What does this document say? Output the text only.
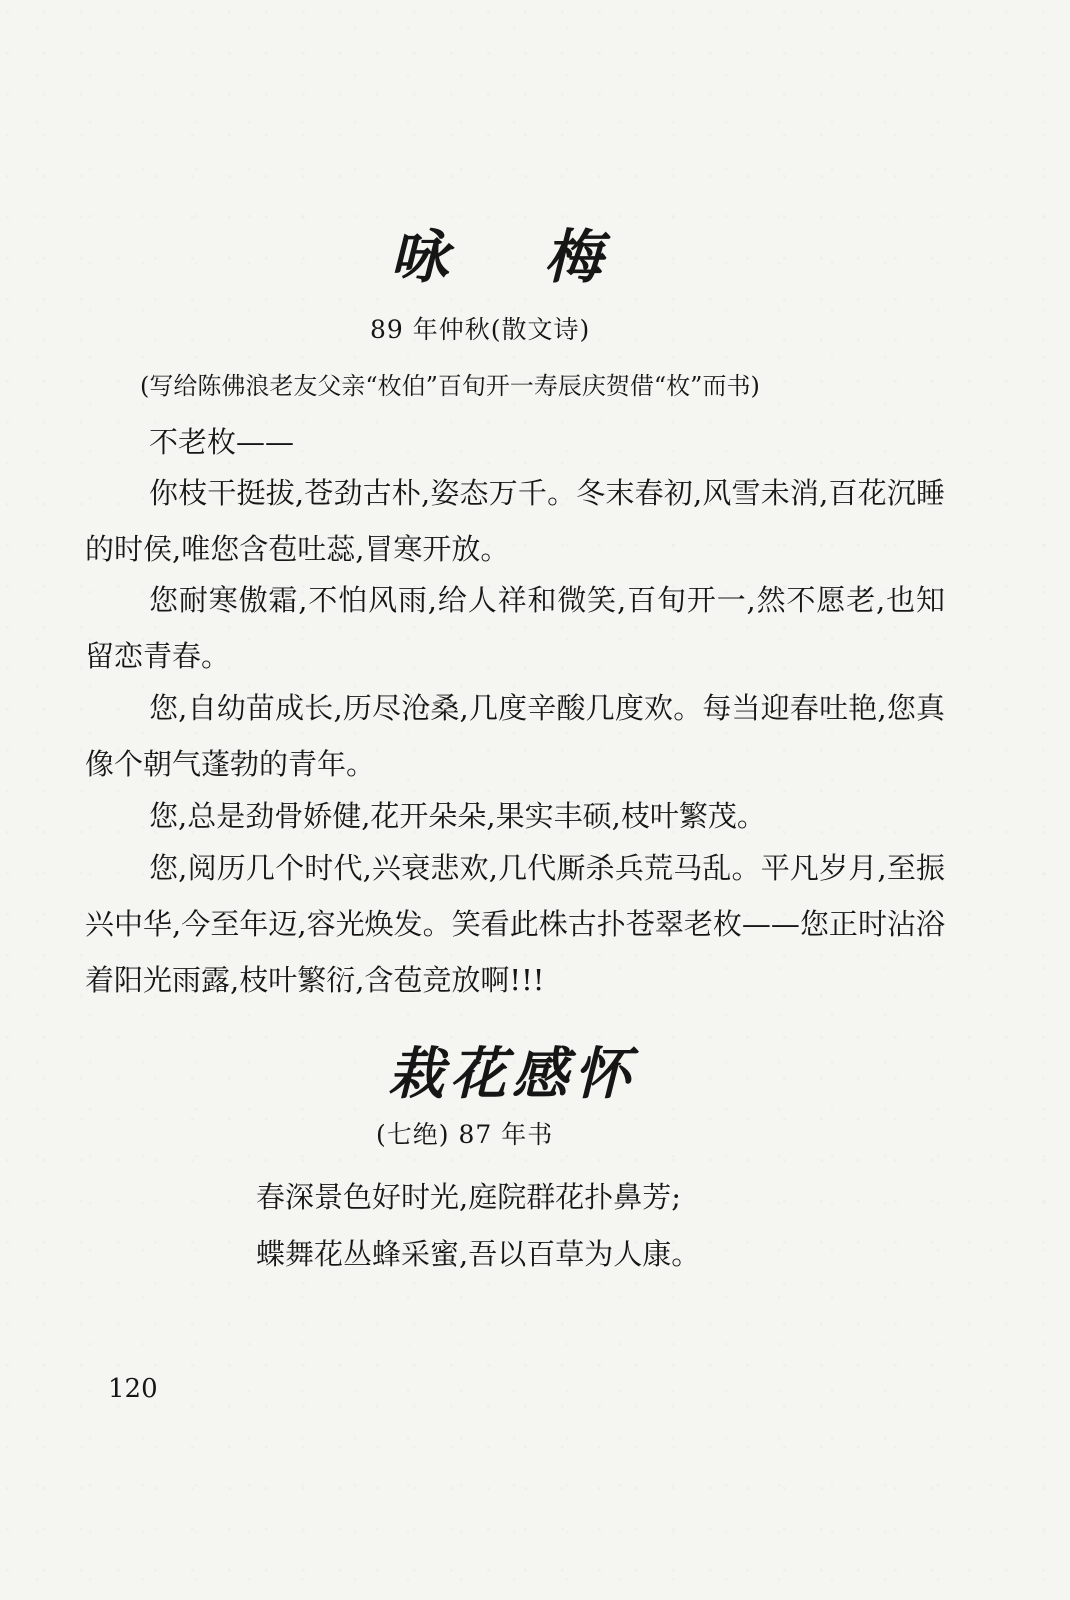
咏梅
89 年仲秋(散文诗)
(写给陈佛浪老友父亲“枚伯”百旬开一寿辰庆贺借“枚”而书)
不老枚——
你枝干挺拔,苍劲古朴,姿态万千。冬末春初,风雪未消,百花沉睡的时侯,唯您含苞吐蕊,冒寒开放。
您耐寒傲霜,不怕风雨,给人祥和微笑,百旬开一,然不愿老,也知留恋青春。
您,自幼苗成长,历尽沧桑,几度辛酸几度欢。每当迎春吐艳,您真像个朝气蓬勃的青年。
您,总是劲骨娇健,花开朵朵,果实丰硕,枝叶繁茂。
您,阅历几个时代,兴衰悲欢,几代厮杀兵荒马乱。平凡岁月,至振兴中华,今至年迈,容光焕发。笑看此株古扑苍翠老枚——您正时沾浴着阳光雨露,枝叶繁衍,含苞竞放啊!!!
栽花感怀
(七绝) 87 年书
春深景色好时光,庭院群花扑鼻芳;
蝶舞花丛蜂采蜜,吾以百草为人康。
120
